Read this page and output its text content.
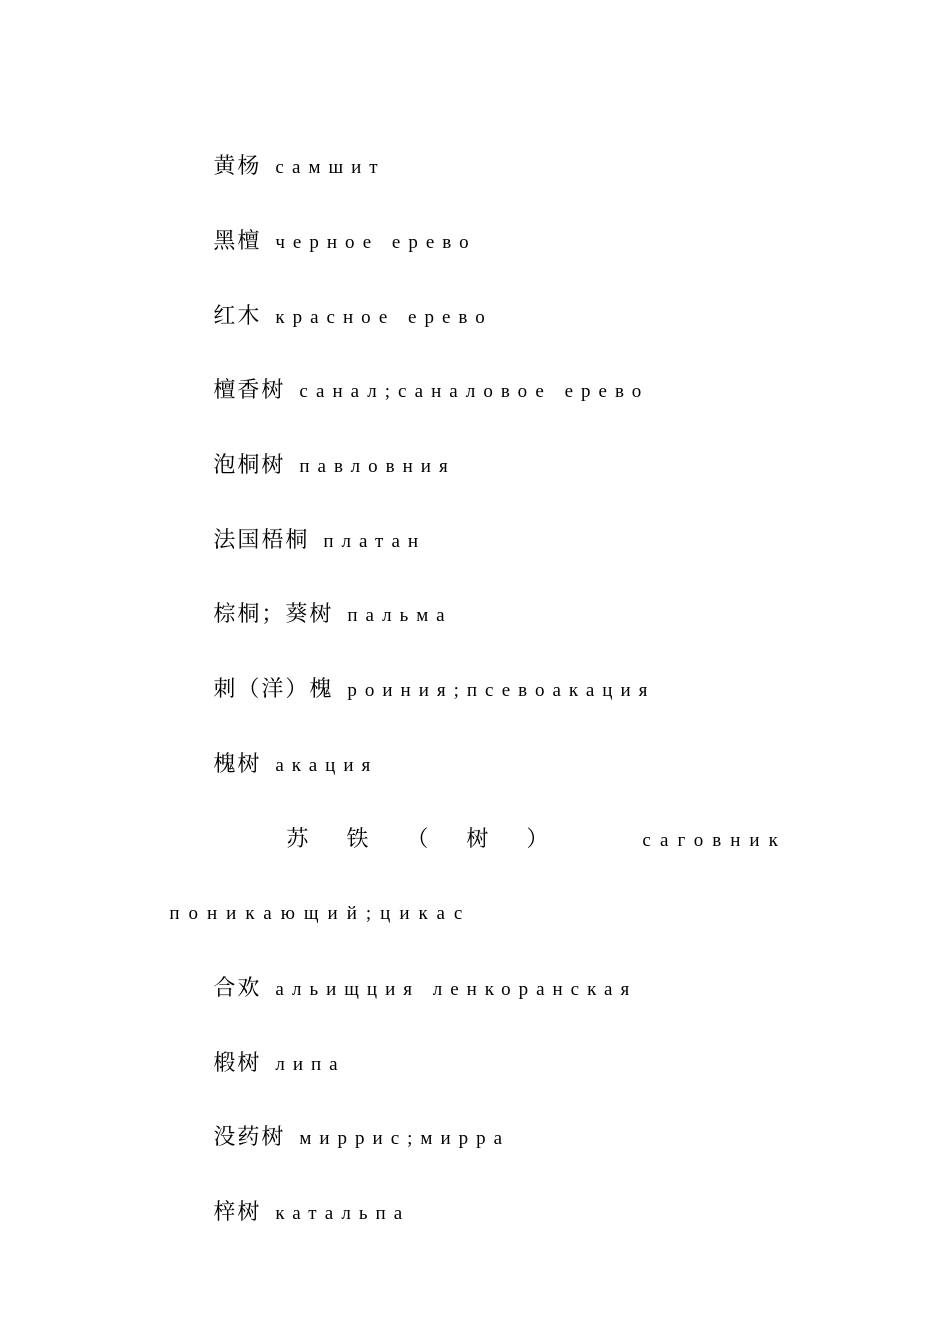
黄杨 самшит

黑檀 черное ерево

红木 красное ерево

檀香树 санал;саналовое ерево

泡桐树 павловния

法国梧桐 платан

棕桐；葵树 пальма

刺（洋）槐 роиния;псевоакация

槐树 акация

苏铁（树）
	саговник

поникающий;цикас

合欢 альищция ленкоранская

椴树 липа

没药树 миррис;мирра

梓树 катальпа
